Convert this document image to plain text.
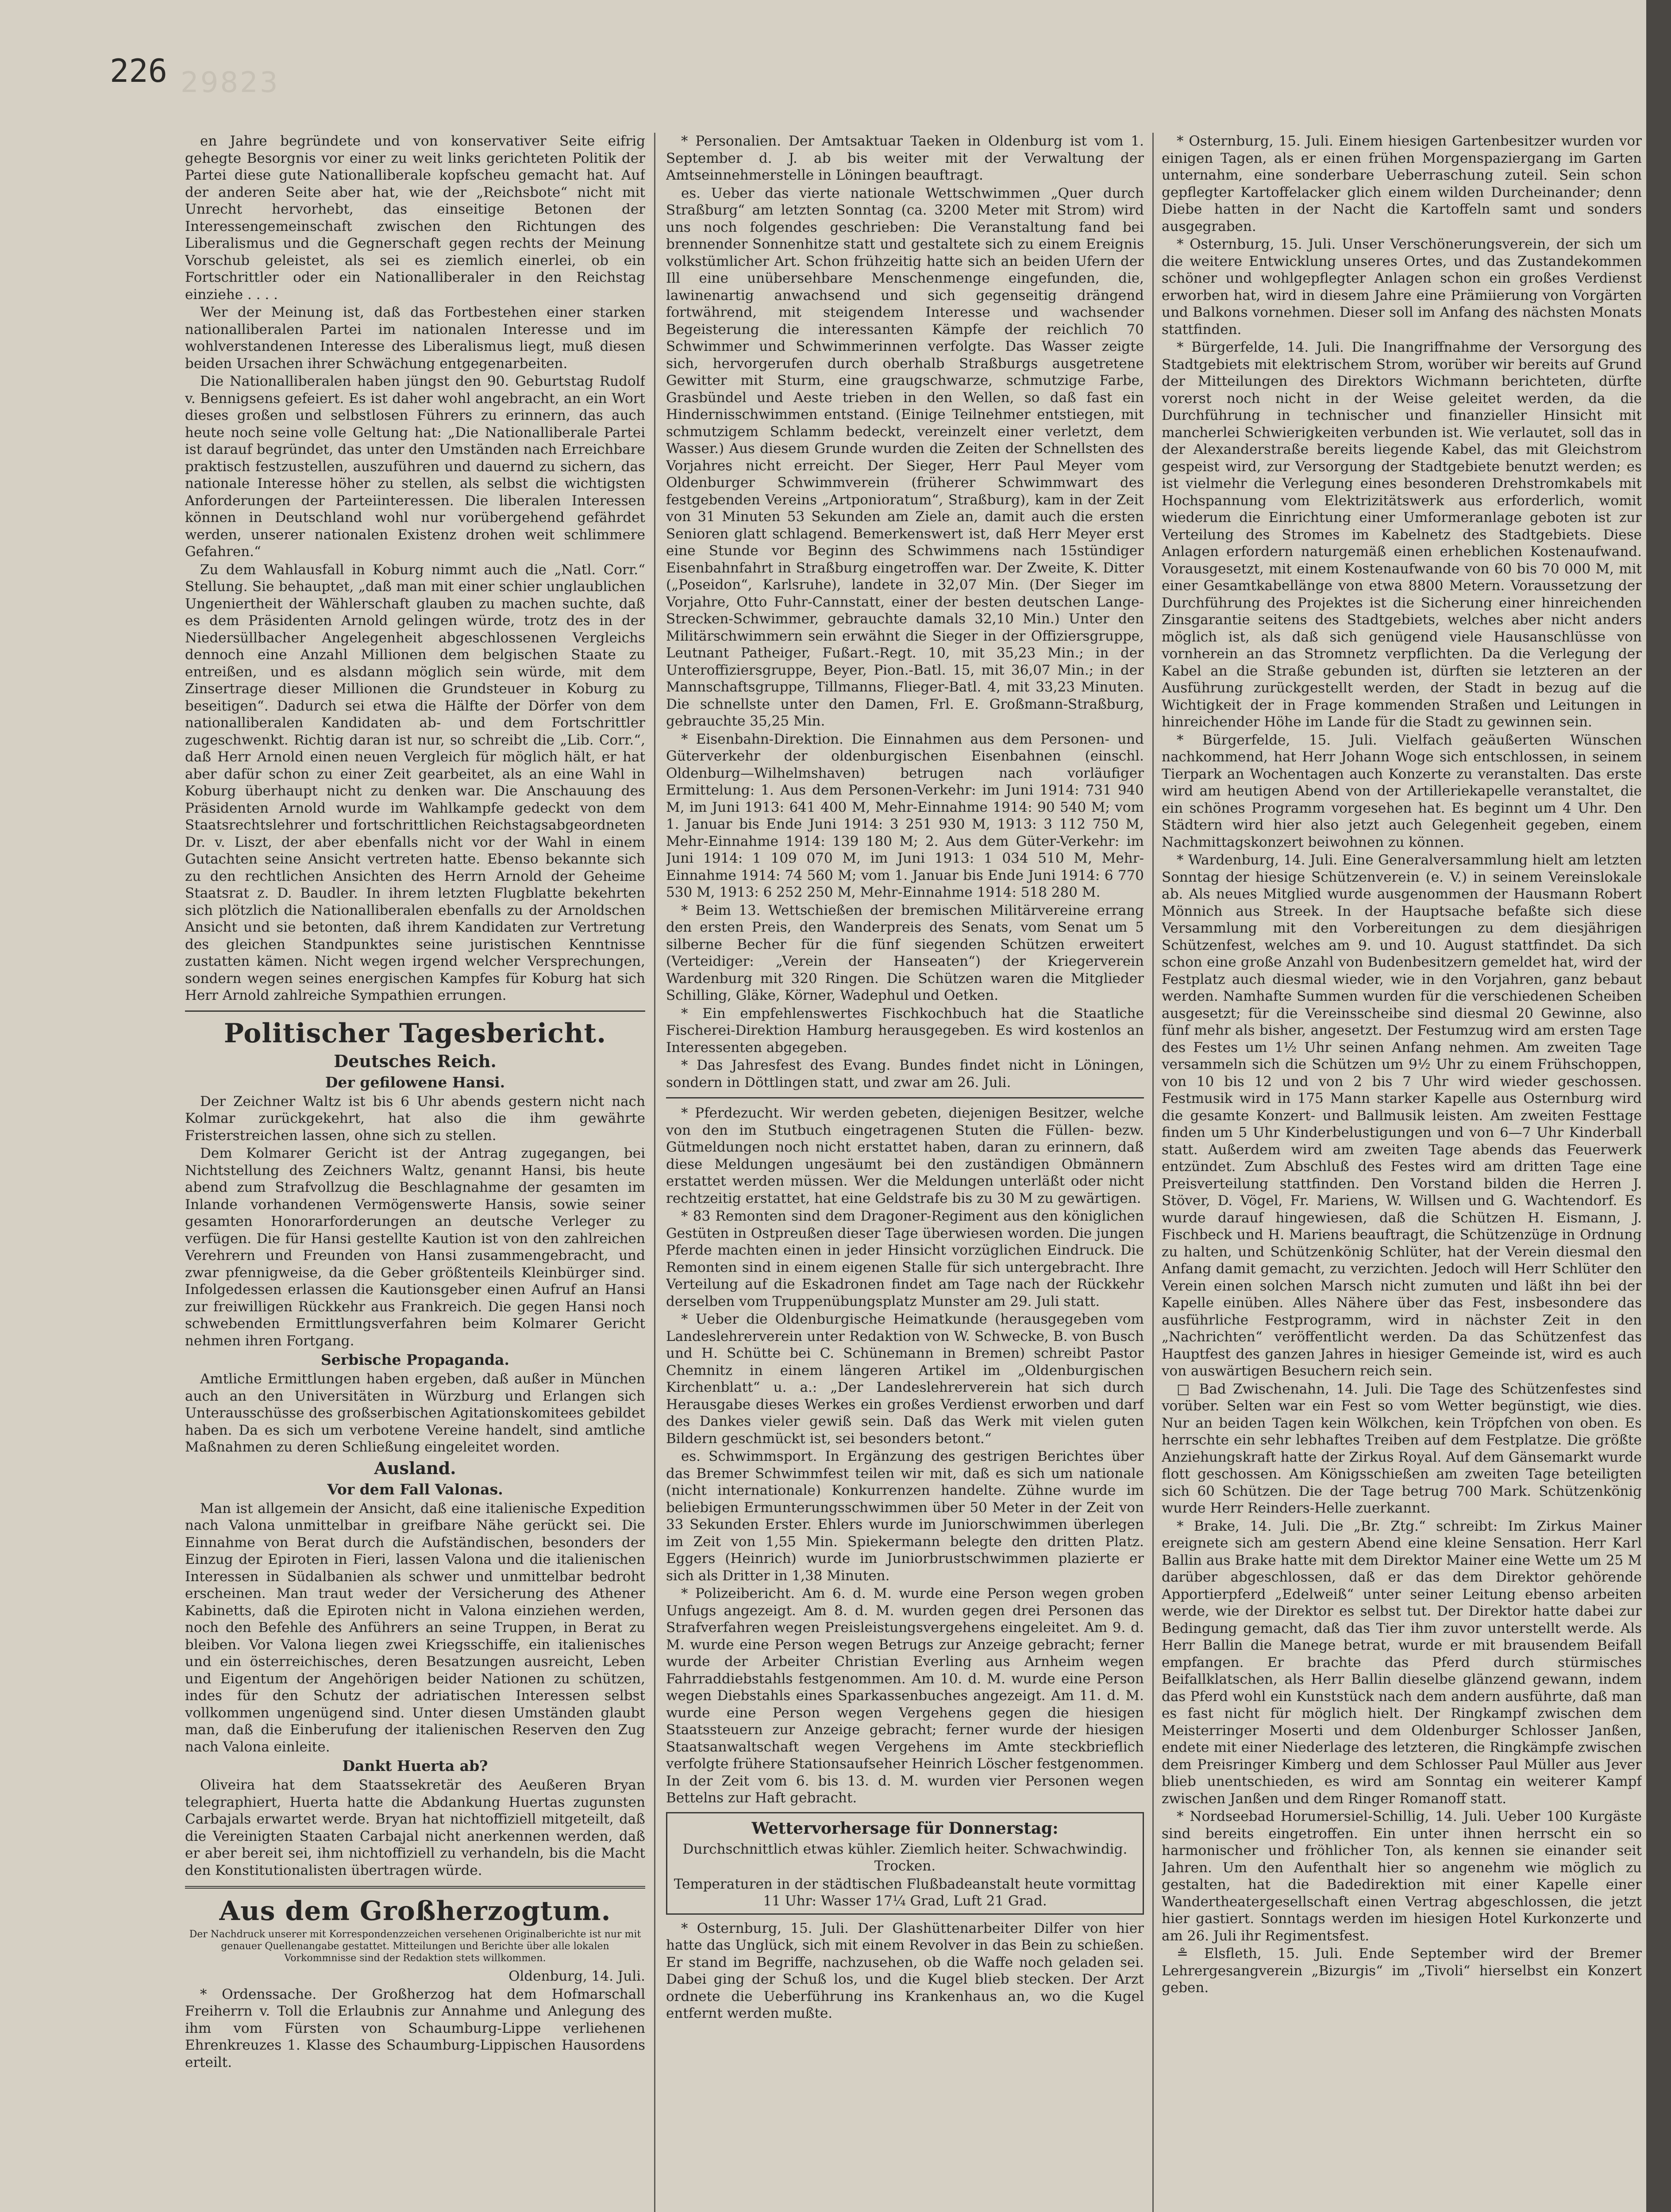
226 29823

en Jahre begründete und von konservativer Seite eifrig gehegte Besorgnis vor einer zu weit links gerichteten Politik der Partei diese gute Nationalliberale kopfscheu gemacht hat. Auf der anderen Seite aber hat, wie der „Reichsbote“ nicht mit Unrecht hervorhebt, das einseitige Betonen der Interessengemeinschaft zwischen den Richtungen des Liberalismus und die Gegnerschaft gegen rechts der Meinung Vorschub geleistet, als sei es ziemlich einerlei, ob ein Fortschrittler oder ein Nationalliberaler in den Reichstag einziehe . . . .

Wer der Meinung ist, daß das Fortbestehen einer starken nationalliberalen Partei im nationalen Interesse und im wohlverstandenen Interesse des Liberalismus liegt, muß diesen beiden Ursachen ihrer Schwächung entgegenarbeiten.

Die Nationalliberalen haben jüngst den 90. Geburtstag Rudolf v. Bennigsens gefeiert. Es ist daher wohl angebracht, an ein Wort dieses großen und selbstlosen Führers zu erinnern, das auch heute noch seine volle Geltung hat: „Die Nationalliberale Partei ist darauf begründet, das unter den Umständen nach Erreichbare praktisch festzustellen, auszuführen und dauernd zu sichern, das nationale Interesse höher zu stellen, als selbst die wichtigsten Anforderungen der Parteiinteressen. Die liberalen Interessen können in Deutschland wohl nur vorübergehend gefährdet werden, unserer nationalen Existenz drohen weit schlimmere Gefahren.“

Zu dem Wahlausfall in Koburg nimmt auch die „Natl. Corr.“ Stellung. Sie behauptet, „daß man mit einer schier unglaublichen Ungeniertheit der Wählerschaft glauben zu machen suchte, daß es dem Präsidenten Arnold gelingen würde, trotz des in der Niedersüllbacher Angelegenheit abgeschlossenen Vergleichs dennoch eine Anzahl Millionen dem belgischen Staate zu entreißen, und es alsdann möglich sein würde, mit dem Zinsertrage dieser Millionen die Grundsteuer in Koburg zu beseitigen“. Dadurch sei etwa die Hälfte der Dörfer von dem nationalliberalen Kandidaten ab- und dem Fortschrittler zugeschwenkt. Richtig daran ist nur, so schreibt die „Lib. Corr.“, daß Herr Arnold einen neuen Vergleich für möglich hält, er hat aber dafür schon zu einer Zeit gearbeitet, als an eine Wahl in Koburg überhaupt nicht zu denken war. Die Anschauung des Präsidenten Arnold wurde im Wahlkampfe gedeckt von dem Staatsrechtslehrer und fortschrittlichen Reichstagsabgeordneten Dr. v. Liszt, der aber ebenfalls nicht vor der Wahl in einem Gutachten seine Ansicht vertreten hatte. Ebenso bekannte sich zu den rechtlichen Ansichten des Herrn Arnold der Geheime Staatsrat z. D. Baudler. In ihrem letzten Flugblatte bekehrten sich plötzlich die Nationalliberalen ebenfalls zu der Arnoldschen Ansicht und sie betonten, daß ihrem Kandidaten zur Vertretung des gleichen Standpunktes seine juristischen Kenntnisse zustatten kämen. Nicht wegen irgend welcher Versprechungen, sondern wegen seines energischen Kampfes für Koburg hat sich Herr Arnold zahlreiche Sympathien errungen.

Politischer Tagesbericht.
Deutsches Reich.
Der gefilowene Hansi.

Der Zeichner Waltz ist bis 6 Uhr abends gestern nicht nach Kolmar zurückgekehrt, hat also die ihm gewährte Fristerstreichen lassen, ohne sich zu stellen.

Dem Kolmarer Gericht ist der Antrag zugegangen, bei Nichtstellung des Zeichners Waltz, genannt Hansi, bis heute abend zum Strafvollzug die Beschlagnahme der gesamten im Inlande vorhandenen Vermögenswerte Hansis, sowie seiner gesamten Honorarforderungen an deutsche Verleger zu verfügen. Die für Hansi gestellte Kaution ist von den zahlreichen Verehrern und Freunden von Hansi zusammengebracht, und zwar pfennigweise, da die Geber größtenteils Kleinbürger sind. Infolgedessen erlassen die Kautionsgeber einen Aufruf an Hansi zur freiwilligen Rückkehr aus Frankreich. Die gegen Hansi noch schwebenden Ermittlungsverfahren beim Kolmarer Gericht nehmen ihren Fortgang.

Serbische Propaganda.

Amtliche Ermittlungen haben ergeben, daß außer in München auch an den Universitäten in Würzburg und Erlangen sich Unterausschüsse des großserbischen Agitationskomitees gebildet haben. Da es sich um verbotene Vereine handelt, sind amtliche Maßnahmen zu deren Schließung eingeleitet worden.

Ausland.
Vor dem Fall Valonas.

Man ist allgemein der Ansicht, daß eine italienische Expedition nach Valona unmittelbar in greifbare Nähe gerückt sei. Die Einnahme von Berat durch die Aufständischen, besonders der Einzug der Epiroten in Fieri, lassen Valona und die italienischen Interessen in Südalbanien als schwer und unmittelbar bedroht erscheinen. Man traut weder der Versicherung des Athener Kabinetts, daß die Epiroten nicht in Valona einziehen werden, noch den Befehle des Anführers an seine Truppen, in Berat zu bleiben. Vor Valona liegen zwei Kriegsschiffe, ein italienisches und ein österreichisches, deren Besatzungen ausreicht, Leben und Eigentum der Angehörigen beider Nationen zu schützen, indes für den Schutz der adriatischen Interessen selbst vollkommen ungenügend sind. Unter diesen Umständen glaubt man, daß die Einberufung der italienischen Reserven den Zug nach Valona einleite.

Dankt Huerta ab?

Oliveira hat dem Staatssekretär des Aeußeren Bryan telegraphiert, Huerta hatte die Abdankung Huertas zugunsten Carbajals erwartet werde. Bryan hat nichtoffiziell mitgeteilt, daß die Vereinigten Staaten Carbajal nicht anerkennen werden, daß er aber bereit sei, ihm nichtoffiziell zu verhandeln, bis die Macht den Konstitutionalisten übertragen würde.

Aus dem Großherzogtum.
Der Nachdruck unserer mit Korrespondenzzeichen versehenen Originalberichte ist nur mit genauer Quellenangabe gestattet. Mitteilungen und Berichte über alle lokalen Vorkommnisse sind der Redaktion stets willkommen.

Oldenburg, 14. Juli.

* Ordenssache. Der Großherzog hat dem Hofmarschall Freiherrn v. Toll die Erlaubnis zur Annahme und Anlegung des ihm vom Fürsten von Schaumburg-Lippe verliehenen Ehrenkreuzes 1. Klasse des Schaumburg-Lippischen Hausordens erteilt.

* Personalien. Der Amtsaktuar Taeken in Oldenburg ist vom 1. September d. J. ab bis weiter mit der Verwaltung der Amtseinnehmerstelle in Löningen beauftragt.

es. Ueber das vierte nationale Wettschwimmen „Quer durch Straßburg“ am letzten Sonntag (ca. 3200 Meter mit Strom) wird uns noch folgendes geschrieben: Die Veranstaltung fand bei brennender Sonnenhitze statt und gestaltete sich zu einem Ereignis volkstümlicher Art. Schon frühzeitig hatte sich an beiden Ufern der Ill eine unübersehbare Menschenmenge eingefunden, die, lawinenartig anwachsend und sich gegenseitig drängend fortwährend, mit steigendem Interesse und wachsender Begeisterung die interessanten Kämpfe der reichlich 70 Schwimmer und Schwimmerinnen verfolgte. Das Wasser zeigte sich, hervorgerufen durch oberhalb Straßburgs ausgetretene Gewitter mit Sturm, eine graugschwarze, schmutzige Farbe, Grasbündel und Aeste trieben in den Wellen, so daß fast ein Hindernisschwimmen entstand. (Einige Teilnehmer entstiegen, mit schmutzigem Schlamm bedeckt, vereinzelt einer verletzt, dem Wasser.) Aus diesem Grunde wurden die Zeiten der Schnellsten des Vorjahres nicht erreicht. Der Sieger, Herr Paul Meyer vom Oldenburger Schwimmverein (früherer Schwimmwart des festgebenden Vereins „Artponioratum“, Straßburg), kam in der Zeit von 31 Minuten 53 Sekunden am Ziele an, damit auch die ersten Senioren glatt schlagend. Bemerkenswert ist, daß Herr Meyer erst eine Stunde vor Beginn des Schwimmens nach 15stündiger Eisenbahnfahrt in Straßburg eingetroffen war. Der Zweite, K. Ditter („Poseidon“, Karlsruhe), landete in 32,07 Min. (Der Sieger im Vorjahre, Otto Fuhr-Cannstatt, einer der besten deutschen Lange-Strecken-Schwimmer, gebrauchte damals 32,10 Min.) Unter den Militärschwimmern sein erwähnt die Sieger in der Offiziersgruppe, Leutnant Patheiger, Fußart.-Regt. 10, mit 35,23 Min.; in der Unteroffiziersgruppe, Beyer, Pion.-Batl. 15, mit 36,07 Min.; in der Mannschaftsgruppe, Tillmanns, Flieger-Batl. 4, mit 33,23 Minuten. Die schnellste unter den Damen, Frl. E. Großmann-Straßburg, gebrauchte 35,25 Min.

* Eisenbahn-Direktion. Die Einnahmen aus dem Personen- und Güterverkehr der oldenburgischen Eisenbahnen (einschl. Oldenburg—Wilhelmshaven) betrugen nach vorläufiger Ermittelung: 1. Aus dem Personen-Verkehr: im Juni 1914: 731 940 M, im Juni 1913: 641 400 M, Mehr-Einnahme 1914: 90 540 M; vom 1. Januar bis Ende Juni 1914: 3 251 930 M, 1913: 3 112 750 M, Mehr-Einnahme 1914: 139 180 M; 2. Aus dem Güter-Verkehr: im Juni 1914: 1 109 070 M, im Juni 1913: 1 034 510 M, Mehr-Einnahme 1914: 74 560 M; vom 1. Januar bis Ende Juni 1914: 6 770 530 M, 1913: 6 252 250 M, Mehr-Einnahme 1914: 518 280 M.

* Beim 13. Wettschießen der bremischen Militärvereine errang den ersten Preis, den Wanderpreis des Senats, vom Senat um 5 silberne Becher für die fünf siegenden Schützen erweitert (Verteidiger: „Verein der Hanseaten“) der Kriegerverein Wardenburg mit 320 Ringen. Die Schützen waren die Mitglieder Schilling, Gläke, Körner, Wadephul und Oetken.

* Ein empfehlenswertes Fischkochbuch hat die Staatliche Fischerei-Direktion Hamburg herausgegeben. Es wird kostenlos an Interessenten abgegeben.

* Das Jahresfest des Evang. Bundes findet nicht in Löningen, sondern in Döttlingen statt, und zwar am 26. Juli.

* Pferdezucht. Wir werden gebeten, diejenigen Besitzer, welche von den im Stutbuch eingetragenen Stuten die Füllen- bezw. Gütmeldungen noch nicht erstattet haben, daran zu erinnern, daß diese Meldungen ungesäumt bei den zuständigen Obmännern erstattet werden müssen. Wer die Meldungen unterläßt oder nicht rechtzeitig erstattet, hat eine Geldstrafe bis zu 30 M zu gewärtigen.

* 83 Remonten sind dem Dragoner-Regiment aus den königlichen Gestüten in Ostpreußen dieser Tage überwiesen worden. Die jungen Pferde machten einen in jeder Hinsicht vorzüglichen Eindruck. Die Remonten sind in einem eigenen Stalle für sich untergebracht. Ihre Verteilung auf die Eskadronen findet am Tage nach der Rückkehr derselben vom Truppenübungsplatz Munster am 29. Juli statt.

* Ueber die Oldenburgische Heimatkunde (herausgegeben vom Landeslehrerverein unter Redaktion von W. Schwecke, B. von Busch und H. Schütte bei C. Schünemann in Bremen) schreibt Pastor Chemnitz in einem längeren Artikel im „Oldenburgischen Kirchenblatt“ u. a.: „Der Landeslehrerverein hat sich durch Herausgabe dieses Werkes ein großes Verdienst erworben und darf des Dankes vieler gewiß sein. Daß das Werk mit vielen guten Bildern geschmückt ist, sei besonders betont.“

es. Schwimmsport. In Ergänzung des gestrigen Berichtes über das Bremer Schwimmfest teilen wir mit, daß es sich um nationale (nicht internationale) Konkurrenzen handelte. Zühne wurde im beliebigen Ermunterungsschwimmen über 50 Meter in der Zeit von 33 Sekunden Erster. Ehlers wurde im Juniorschwimmen überlegen im Zeit von 1,55 Min. Spiekermann belegte den dritten Platz. Eggers (Heinrich) wurde im Juniorbrustschwimmen plazierte er sich als Dritter in 1,38 Minuten.

* Polizeibericht. Am 6. d. M. wurde eine Person wegen groben Unfugs angezeigt. Am 8. d. M. wurden gegen drei Personen das Strafverfahren wegen Preisleistungsvergehens eingeleitet. Am 9. d. M. wurde eine Person wegen Betrugs zur Anzeige gebracht; ferner wurde der Arbeiter Christian Everling aus Arnheim wegen Fahrraddiebstahls festgenommen. Am 10. d. M. wurde eine Person wegen Diebstahls eines Sparkassenbuches angezeigt. Am 11. d. M. wurde eine Person wegen Vergehens gegen die hiesigen Staatssteuern zur Anzeige gebracht; ferner wurde der hiesigen Staatsanwaltschaft wegen Vergehens im Amte steckbrieflich verfolgte frühere Stationsaufseher Heinrich Löscher festgenommen. In der Zeit vom 6. bis 13. d. M. wurden vier Personen wegen Bettelns zur Haft gebracht.

Wettervorhersage für Donnerstag:

Durchschnittlich etwas kühler. Ziemlich heiter. Schwachwindig. Trocken.

Temperaturen in der städtischen Flußbadeanstalt heute vormittag 11 Uhr: Wasser 17¼ Grad, Luft 21 Grad.

* Osternburg, 15. Juli. Der Glashüttenarbeiter Dilfer von hier hatte das Unglück, sich mit einem Revolver in das Bein zu schießen. Er stand im Begriffe, nachzusehen, ob die Waffe noch geladen sei. Dabei ging der Schuß los, und die Kugel blieb stecken. Der Arzt ordnete die Ueberführung ins Krankenhaus an, wo die Kugel entfernt werden mußte.

* Osternburg, 15. Juli. Einem hiesigen Gartenbesitzer wurden vor einigen Tagen, als er einen frühen Morgenspaziergang im Garten unternahm, eine sonderbare Ueberraschung zuteil. Sein schon gepflegter Kartoffelacker glich einem wilden Durcheinander; denn Diebe hatten in der Nacht die Kartoffeln samt und sonders ausgegraben.

* Osternburg, 15. Juli. Unser Verschönerungsverein, der sich um die weitere Entwicklung unseres Ortes, und das Zustandekommen schöner und wohlgepflegter Anlagen schon ein großes Verdienst erworben hat, wird in diesem Jahre eine Prämiierung von Vorgärten und Balkons vornehmen. Dieser soll im Anfang des nächsten Monats stattfinden.

* Bürgerfelde, 14. Juli. Die Inangriffnahme der Versorgung des Stadtgebiets mit elektrischem Strom, worüber wir bereits auf Grund der Mitteilungen des Direktors Wichmann berichteten, dürfte vorerst noch nicht in der Weise geleitet werden, da die Durchführung in technischer und finanzieller Hinsicht mit mancherlei Schwierigkeiten verbunden ist. Wie verlautet, soll das in der Alexanderstraße bereits liegende Kabel, das mit Gleichstrom gespeist wird, zur Versorgung der Stadtgebiete benutzt werden; es ist vielmehr die Verlegung eines besonderen Drehstromkabels mit Hochspannung vom Elektrizitätswerk aus erforderlich, womit wiederum die Einrichtung einer Umformeranlage geboten ist zur Verteilung des Stromes im Kabelnetz des Stadtgebiets. Diese Anlagen erfordern naturgemäß einen erheblichen Kostenaufwand. Vorausgesetzt, mit einem Kostenaufwande von 60 bis 70 000 M, mit einer Gesamtkabellänge von etwa 8800 Metern. Voraussetzung der Durchführung des Projektes ist die Sicherung einer hinreichenden Zinsgarantie seitens des Stadtgebiets, welches aber nicht anders möglich ist, als daß sich genügend viele Hausanschlüsse von vornherein an das Stromnetz verpflichten. Da die Verlegung der Kabel an die Straße gebunden ist, dürften sie letzteren an der Ausführung zurückgestellt werden, der Stadt in bezug auf die Wichtigkeit der in Frage kommenden Straßen und Leitungen in hinreichender Höhe im Lande für die Stadt zu gewinnen sein.

* Bürgerfelde, 15. Juli. Vielfach geäußerten Wünschen nachkommend, hat Herr Johann Woge sich entschlossen, in seinem Tierpark an Wochentagen auch Konzerte zu veranstalten. Das erste wird am heutigen Abend von der Artilleriekapelle veranstaltet, die ein schönes Programm vorgesehen hat. Es beginnt um 4 Uhr. Den Städtern wird hier also jetzt auch Gelegenheit gegeben, einem Nachmittagskonzert beiwohnen zu können.

* Wardenburg, 14. Juli. Eine Generalversammlung hielt am letzten Sonntag der hiesige Schützenverein (e. V.) in seinem Vereinslokale ab. Als neues Mitglied wurde ausgenommen der Hausmann Robert Mönnich aus Streek. In der Hauptsache befaßte sich diese Versammlung mit den Vorbereitungen zu dem diesjährigen Schützenfest, welches am 9. und 10. August stattfindet. Da sich schon eine große Anzahl von Budenbesitzern gemeldet hat, wird der Festplatz auch diesmal wieder, wie in den Vorjahren, ganz bebaut werden. Namhafte Summen wurden für die verschiedenen Scheiben ausgesetzt; für die Vereinsscheibe sind diesmal 20 Gewinne, also fünf mehr als bisher, angesetzt. Der Festumzug wird am ersten Tage des Festes um 1½ Uhr seinen Anfang nehmen. Am zweiten Tage versammeln sich die Schützen um 9½ Uhr zu einem Frühschoppen, von 10 bis 12 und von 2 bis 7 Uhr wird wieder geschossen. Festmusik wird in 175 Mann starker Kapelle aus Osternburg wird die gesamte Konzert- und Ballmusik leisten. Am zweiten Festtage finden um 5 Uhr Kinderbelustigungen und von 6—7 Uhr Kinderball statt. Außerdem wird am zweiten Tage abends das Feuerwerk entzündet. Zum Abschluß des Festes wird am dritten Tage eine Preisverteilung stattfinden. Den Vorstand bilden die Herren J. Stöver, D. Vögel, Fr. Mariens, W. Willsen und G. Wachtendorf. Es wurde darauf hingewiesen, daß die Schützen H. Eismann, J. Fischbeck und H. Mariens beauftragt, die Schützenzüge in Ordnung zu halten, und Schützenkönig Schlüter, hat der Verein diesmal den Anfang damit gemacht, zu verzichten. Jedoch will Herr Schlüter den Verein einen solchen Marsch nicht zumuten und läßt ihn bei der Kapelle einüben. Alles Nähere über das Fest, insbesondere das ausführliche Festprogramm, wird in nächster Zeit in den „Nachrichten“ veröffentlicht werden. Da das Schützenfest das Hauptfest des ganzen Jahres in hiesiger Gemeinde ist, wird es auch von auswärtigen Besuchern reich sein.

□ Bad Zwischenahn, 14. Juli. Die Tage des Schützenfestes sind vorüber. Selten war ein Fest so vom Wetter begünstigt, wie dies. Nur an beiden Tagen kein Wölkchen, kein Tröpfchen von oben. Es herrschte ein sehr lebhaftes Treiben auf dem Festplatze. Die größte Anziehungskraft hatte der Zirkus Royal. Auf dem Gänsemarkt wurde flott geschossen. Am Königsschießen am zweiten Tage beteiligten sich 60 Schützen. Die der Tage betrug 700 Mark. Schützenkönig wurde Herr Reinders-Helle zuerkannt.

* Brake, 14. Juli. Die „Br. Ztg.“ schreibt: Im Zirkus Mainer ereignete sich am gestern Abend eine kleine Sensation. Herr Karl Ballin aus Brake hatte mit dem Direktor Mainer eine Wette um 25 M darüber abgeschlossen, daß er das dem Direktor gehörende Apportierpferd „Edelweiß“ unter seiner Leitung ebenso arbeiten werde, wie der Direktor es selbst tut. Der Direktor hatte dabei zur Bedingung gemacht, daß das Tier ihm zuvor unterstellt werde. Als Herr Ballin die Manege betrat, wurde er mit brausendem Beifall empfangen. Er brachte das Pferd durch stürmisches Beifallklatschen, als Herr Ballin dieselbe glänzend gewann, indem das Pferd wohl ein Kunststück nach dem andern ausführte, daß man es fast nicht für möglich hielt. Der Ringkampf zwischen dem Meisterringer Moserti und dem Oldenburger Schlosser Janßen, endete mit einer Niederlage des letzteren, die Ringkämpfe zwischen dem Preisringer Kimberg und dem Schlosser Paul Müller aus Jever blieb unentschieden, es wird am Sonntag ein weiterer Kampf zwischen Janßen und dem Ringer Romanoff statt.

* Nordseebad Horumersiel-Schillig, 14. Juli. Ueber 100 Kurgäste sind bereits eingetroffen. Ein unter ihnen herrscht ein so harmonischer und fröhlicher Ton, als kennen sie einander seit Jahren. Um den Aufenthalt hier so angenehm wie möglich zu gestalten, hat die Badedirektion mit einer Kapelle einer Wandertheatergesellschaft einen Vertrag abgeschlossen, die jetzt hier gastiert. Sonntags werden im hiesigen Hotel Kurkonzerte und am 26. Juli ihr Regimentsfest.

≗ Elsfleth, 15. Juli. Ende September wird der Bremer Lehrergesangverein „Bizurgis“ im „Tivoli“ hierselbst ein Konzert geben.
